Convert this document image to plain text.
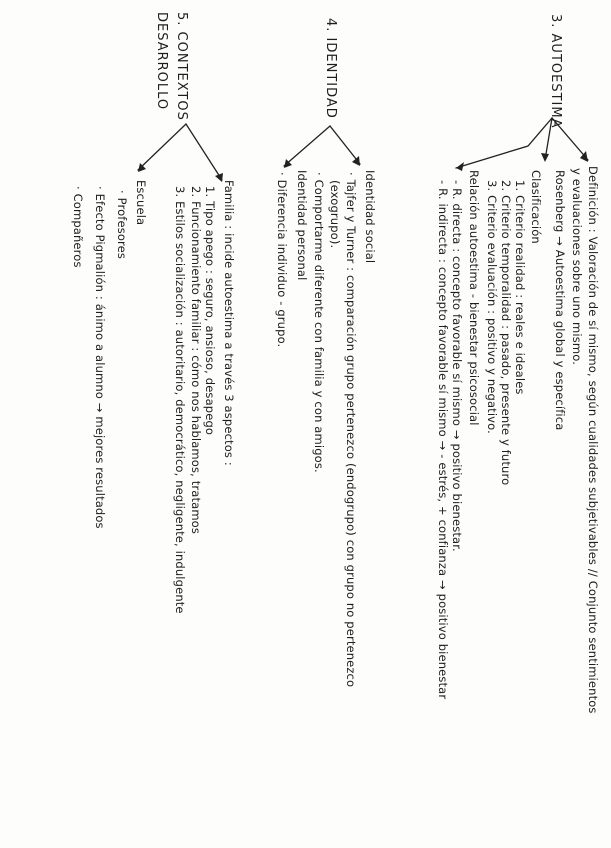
3. AUTOESTIMA
Definición : Valoración de sí mismo, según cualidades subjetivables // Conjunto sentimientos
y evaluaciones sobre uno mismo.
Rosenberg → Autoestima global y específica
Clasificación
1. Criterio realidad : reales e ideales
2. Criterio temporalidad : pasado, presente y futuro
3. Criterio evaluación : positivo y negativo.
Relación autoestima - bienestar psicosocial
- R. directa : concepto favorable sí mismo → positivo bienestar.
- R. indirecta : concepto favorable sí mismo → - estrés, + confianza → positivo bienestar
4. IDENTIDAD
Identidad social
· Tajfer y Turner : comparación grupo pertenezco (endogrupo) con grupo no pertenezco
(exogrupo).
· Comportarme diferente con familia y con amigos.
Identidad personal
· Diferencia individuo - grupo.
5. CONTEXTOS
DESARROLLO
Familia : incide autoestima a través 3 aspectos :
1. Tipo apego : seguro, ansioso, desapego
2. Funcionamiento familiar : cómo nos hablamos, tratamos
3. Estilos socialización : autoritario, democrático, negligente, indulgente
Escuela
· Profesores
· Efecto Pigmalión : ánimo a alumno → mejores resultados
· Compañeros
